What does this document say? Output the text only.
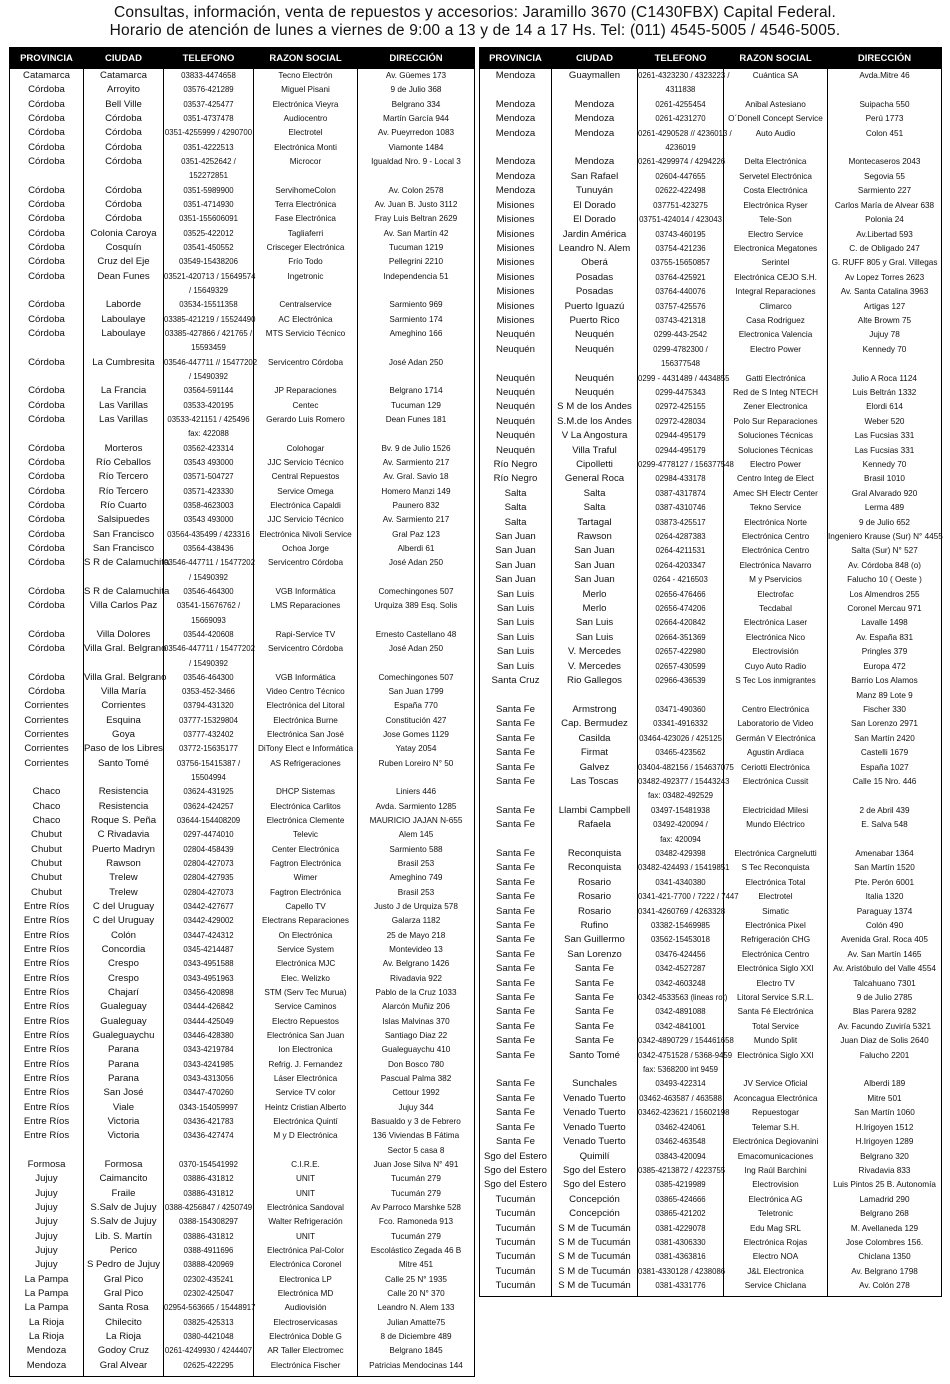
Consultas, información, venta de repuestos y accesorios: Jaramillo 3670 (C1430FBX) Capital Federal.
Horario de atención de lunes a viernes de 9:00 a 13 y de 14 a 17 Hs. Tel: (011) 4545-5005 / 4546-5005.
PROVINCIA	CIUDAD	TELEFONO	RAZON SOCIAL	DIRECCIÓN
Catamarca	Catamarca	03833-4474658	Tecno Electrón	Av. Güemes 173
Córdoba	Arroyito	03576-421289	Miguel Pisani	9 de Julio 368
Córdoba	Bell Ville	03537-425477	Electrónica Vieyra	Belgrano 334
Córdoba	Córdoba	0351-4737478	Audiocentro	Martín García 944
Córdoba	Córdoba	0351-4255999 / 4290700	Electrotel	Av. Pueyrredon 1083
Córdoba	Córdoba	0351-4222513	Electrónica Monti	Viamonte 1484
Córdoba	Córdoba	0351-4252642 /	Microcor	Igualdad Nro. 9 - Local 3
		152272851		
Córdoba	Córdoba	0351-5989900	ServihomeColon	Av. Colon 2578
Córdoba	Córdoba	0351-4714930	Terra Electrónica	Av. Juan B. Justo 3112
Córdoba	Córdoba	0351-155606091	Fase Electrónica	Fray Luis Beltran 2629
Córdoba	Colonia Caroya	03525-422012	Tagliaferri	Av. San Martín 42
Córdoba	Cosquín	03541-450552	Crisceger Electrónica	Tucuman 1219
Córdoba	Cruz del Eje	03549-15438206	Frío Todo	Pellegrini 2210
Córdoba	Dean Funes	03521-420713 / 15649574	Ingetronic	Independencia 51
		/ 15649329		
Córdoba	Laborde	03534-15511358	Centralservice	Sarmiento 969
Córdoba	Laboulaye	03385-421219 / 15524490	AC Electrónica	Sarmiento 174
Córdoba	Laboulaye	03385-427866 / 421765 /	MTS Servicio Técnico	Ameghino 166
		15593459		
Córdoba	La Cumbresita	03546-447711 // 15477202	Servicentro Córdoba	José Adan 250
		/ 15490392		
Córdoba	La Francia	03564-591144	JP Reparaciones	Belgrano 1714
Córdoba	Las Varillas	03533-420195	Centec	Tucuman 129
Córdoba	Las Varillas	03533-421151 / 425496	Gerardo Luis Romero	Dean Funes 181
		fax: 422088		
Córdoba	Morteros	03562-423314	Colohogar	Bv. 9 de Julio 1526
Córdoba	Río Ceballos	03543 493000	JJC Servicio Técnico	Av. Sarmiento 217
Córdoba	Río Tercero	03571-504727	Central Repuestos	Av. Gral. Savio 18
Córdoba	Río Tercero	03571-423330	Service Omega	Homero Manzi 149
Córdoba	Río Cuarto	0358-4623003	Electrónica Capaldi	Paunero 832
Córdoba	Salsipuedes	03543 493000	JJC Servicio Técnico	Av. Sarmiento 217
Córdoba	San Francisco	03564-435499 / 423316	Electrónica Nivoli Service	Gral Paz 123
Córdoba	San Francisco	03564-438436	Ochoa Jorge	Alberdi 61
Córdoba	S R de Calamuchita	03546-447711 / 15477202	Servicentro Córdoba	José Adan 250
		/ 15490392		
Córdoba	S R de Calamuchita	03546-464300	VGB Informática	Comechingones 507
Córdoba	Villa Carlos Paz	03541-15676762 /	LMS Reparaciones	Urquiza 389 Esq. Solis
		15669093		
Córdoba	Villa Dolores	03544-420608	Rapi-Service TV	Ernesto Castellano 48
Córdoba	Villa Gral. Belgrano	03546-447711 / 15477202	Servicentro Córdoba	José Adan 250
		/ 15490392		
Córdoba	Villa Gral. Belgrano	03546-464300	VGB Informática	Comechingones 507
Córdoba	Villa María	0353-452-3466	Video Centro Técnico	San Juan 1799
Corrientes	Corrientes	03794-431320	Electrónica del Litoral	España 770
Corrientes	Esquina	03777-15329804	Electrónica Burne	Constitución 427
Corrientes	Goya	03777-432402	Electrónica San José	Jose Gomes 1129
Corrientes	Paso de los Libres	03772-15635177	DiTony Elect e Informática	Yatay 2054
Corrientes	Santo Tomé	03756-15415387 /	AS Refrigeraciones	Ruben Loreiro N° 50
		15504994		
Chaco	Resistencia	03624-431925	DHCP Sistemas	Liniers 446
Chaco	Resistencia	03624-424257	Electrónica Carlitos	Avda. Sarmiento 1285
Chaco	Roque S. Peña	03644-154408209	Electrónica Clemente	MAURICIO JAJAN N-655
Chubut	C Rivadavia	0297-4474010	Televic	Alem 145
Chubut	Puerto Madryn	02804-458439	Center Electrónica	Sarmiento 588
Chubut	Rawson	02804-427073	Fagtron Electrónica	Brasil 253
Chubut	Trelew	02804-427935	Wimer	Ameghino 749
Chubut	Trelew	02804-427073	Fagtron Electrónica	Brasil 253
Entre Ríos	C del Uruguay	03442-427677	Capello TV	Justo J de Urquiza 578
Entre Ríos	C del Uruguay	03442-429002	Electrans Reparaciones	Galarza 1182
Entre Ríos	Colón	03447-424312	On Electrónica	25 de Mayo 218
Entre Ríos	Concordia	0345-4214487	Service System	Montevideo 13
Entre Ríos	Crespo	0343-4951588	Electrónica MJC	Av. Belgrano 1426
Entre Ríos	Crespo	0343-4951963	Elec. Welizko	Rivadavia 922
Entre Ríos	Chajarí	03456-420898	STM (Serv Tec Murua)	Pablo de la Cruz 1033
Entre Ríos	Gualeguay	03444-426842	Service Caminos	Alarcón Muñiz 206
Entre Ríos	Gualeguay	03444-425049	Electro Repuestos	Islas Malvinas 370
Entre Ríos	Gualeguaychu	03446-428380	Electrónica San Juan	Santiago Diaz 22
Entre Ríos	Parana	0343-4219784	Ion Electronica	Gualeguaychu 410
Entre Ríos	Parana	0343-4241985	Refrig. J. Fernandez	Don Bosco 780
Entre Ríos	Parana	0343-4313056	Láser Electrónica	Pascual Palma 382
Entre Ríos	San José	03447-470260	Service TV color	Cettour 1992
Entre Ríos	Viale	0343-154059997	Heintz Cristian Alberto	Jujuy 344
Entre Ríos	Victoria	03436-421783	Electrónica Quintí	Basualdo y 3 de Febrero
Entre Ríos	Victoria	03436-427474	M y D Electrónica	136 Viviendas B Fátima
				Sector 5 casa 8
Formosa	Formosa	0370-154541992	C.I.R.E.	Juan Jose Silva N° 491
Jujuy	Caimancito	03886-431812	UNIT	Tucumán 279
Jujuy	Fraile	03886-431812	UNIT	Tucumán 279
Jujuy	S.Salv de Jujuy	0388-4256847 / 4250749	Electrónica Sandoval	Av Parroco Marshke 528
Jujuy	S.Salv de Jujuy	0388-154308297	Walter Refrigeración	Fco. Ramoneda 913
Jujuy	Lib. S. Martín	03886-431812	UNIT	Tucumán 279
Jujuy	Perico	0388-4911696	Electrónica Pal-Color	Escolástico Zegada 46 B
Jujuy	S Pedro de Jujuy	03888-420969	Electrónica Coronel	Mitre 451
La Pampa	Gral Pico	02302-435241	Electronica LP	Calle 25 N° 1935
La Pampa	Gral Pico	02302-425047	Electrónica MD	Calle 20 N° 370
La Pampa	Santa Rosa	02954-563665 / 15448917	Audiovisión	Leandro N. Alem 133
La Rioja	Chilecito	03825-425313	Electroservicasas	Julian Amatte75
La Rioja	La Rioja	0380-4421048	Electrónica Doble G	8 de Diciembre 489
Mendoza	Godoy Cruz	0261-4249930 / 4244407	AR Taller Electromec	Belgrano 1845
Mendoza	Gral Alvear	02625-422295	Electrónica Fischer	Patricias Mendocinas 144

PROVINCIA	CIUDAD	TELEFONO	RAZON SOCIAL	DIRECCIÓN
Mendoza	Guaymallen	0261-4323230 / 4323223 /	Cuántica SA	Avda.Mitre 46
		4311838		
Mendoza	Mendoza	0261-4255454	Anibal Astesiano	Suipacha 550
Mendoza	Mendoza	0261-4231270	O´Donell Concept Service	Perú 1773
Mendoza	Mendoza	0261-4290528 // 4236013 /	Auto Audio	Colon 451
		4236019		
Mendoza	Mendoza	0261-4299974 / 4294226	Delta Electrónica	Montecaseros 2043
Mendoza	San Rafael	02604-447655	Servetel Electrónica	Segovia 55
Mendoza	Tunuyán	02622-422498	Costa Electrónica	Sarmiento 227
Misiones	El Dorado	037751-423275	Electrónica Ryser	Carlos María de Alvear 638
Misiones	El Dorado	03751-424014 / 423043	Tele-Son	Polonia 24
Misiones	Jardin América	03743-460195	Electro Service	Av.Libertad 593
Misiones	Leandro N. Alem	03754-421236	Electronica Megatones	C. de Obligado 247
Misiones	Oberá	03755-15650857	Serintel	G. RUFF 805 y Gral. Villegas
Misiones	Posadas	03764-425921	Electrónica CEJO S.H.	Av Lopez Torres 2623
Misiones	Posadas	03764-440076	Integral Reparaciones	Av. Santa Catalina 3963
Misiones	Puerto Iguazú	03757-425576	Climarco	Artigas 127
Misiones	Puerto Rico	03743-421318	Casa Rodriguez	Alte Browm 75
Neuquén	Neuquén	0299-443-2542	Electronica Valencia	Jujuy 78
Neuquén	Neuquén	0299-4782300 /	Electro Power	Kennedy 70
		156377548		
Neuquén	Neuquén	0299 - 4431489 / 4434855	Gatti Electrónica	Julio A Roca 1124
Neuquén	Neuquén	0299-4475343	Red de S Integ NTECH	Luis Beltrán 1332
Neuquén	S M de los Andes	02972-425155	Zener Electronica	Elordi 614
Neuquén	S.M.de los Andes	02972-428034	Polo Sur Reparaciones	Weber 520
Neuquén	V La Angostura	02944-495179	Soluciones Técnicas	Las Fucsias 331
Neuquén	Villa Traful	02944-495179	Soluciones Técnicas	Las Fucsias 331
Río Negro	Cipolletti	0299-4778127 / 156377548	Electro Power	Kennedy 70
Río Negro	General Roca	02984-433178	Centro Integ de Elect	Brasil 1010
Salta	Salta	0387-4317874	Amec SH Electr Center	Gral Alvarado 920
Salta	Salta	0387-4310746	Tekno Service	Lerma 489
Salta	Tartagal	03873-425517	Electrónica Norte	9 de Julio 652
San Juan	Rawson	0264-4287383	Electrónica Centro	Ingeniero Krause (Sur) N° 4455
San Juan	San Juan	0264-4211531	Electrónica Centro	Salta (Sur) N° 527
San Juan	San Juan	0264-4203347	Electrónica Navarro	Av. Córdoba 848 (o)
San Juan	San Juan	0264 - 4216503	M y Pservicios	Falucho 10 ( Oeste )
San Luis	Merlo	02656-476466	Electrofac	Los Almendros 255
San Luis	Merlo	02656-474206	Tecdabal	Coronel Mercau 971
San Luis	San Luis	02664-420842	Electrónica Laser	Lavalle 1498
San Luis	San Luis	02664-351369	Electrónica Nico	Av. España 831
San Luis	V. Mercedes	02657-422980	Electrovisión	Pringles 379
San Luis	V. Mercedes	02657-430599	Cuyo Auto Radio	Europa 472
Santa Cruz	Rio Gallegos	02966-436539	S Tec Los inmigrantes	Barrio Los Alamos
				Manz 89 Lote 9
Santa Fe	Armstrong	03471-490360	Centro Electrónica	Fischer 330
Santa Fe	Cap. Bermudez	03341-4916332	Laboratorio de Video	San Lorenzo 2971
Santa Fe	Casilda	03464-423026 / 425125	Germán V Electrónica	San Martín 2420
Santa Fe	Firmat	03465-423562	Agustin Ardiaca	Castelli 1679
Santa Fe	Galvez	03404-482156 / 154637075	Ceriotti Electrónica	España 1027
Santa Fe	Las Toscas	03482-492377 / 15443243	Electrónica Cussit	Calle 15 Nro. 446
		fax: 03482-492529		
Santa Fe	Llambi Campbell	03497-15481938	Electricidad Milesi	2 de Abril 439
Santa Fe	Rafaela	03492-420094 /	Mundo Eléctrico	E. Salva 548
		fax: 420094		
Santa Fe	Reconquista	03482-429398	Electrónica Cargnelutti	Amenabar 1364
Santa Fe	Reconquista	03482-424493 / 15419851	S Tec Reconquista	San Martín 1520
Santa Fe	Rosario	0341-4340380	Electrónica Total	Pte. Perón 6001
Santa Fe	Rosario	0341-421-7700 / 7222 / 7447	Electrotel	Italia 1320
Santa Fe	Rosario	0341-4260769 / 4263328	Simatic	Paraguay 1374
Santa Fe	Rufino	03382-15469985	Electrónica Pixel	Colón 490
Santa Fe	San Guillermo	03562-15453018	Refrigeración CHG	Avenida Gral. Roca 405
Santa Fe	San Lorenzo	03476-424456	Electrónica Centro	Av. San Martín 1465
Santa Fe	Santa Fe	0342-4527287	Electrónica Siglo XXI	Av. Aristóbulo del Valle 4554
Santa Fe	Santa Fe	0342-4603248	Electro TV	Talcahuano 7301
Santa Fe	Santa Fe	0342-4533563 (lineas rot)	Litoral Service S.R.L.	9 de Julio 2785
Santa Fe	Santa Fe	0342-4891088	Santa Fé Electrónica	Blas Parera 9282
Santa Fe	Santa Fe	0342-4841001	Total Service	Av. Facundo Zuviría 5321
Santa Fe	Santa Fe	0342-4890729 / 154461658	Mundo Split	Juan Diaz de Solis 2640
Santa Fe	Santo Tomé	0342-4751528 / 5368-9459	Electrónica Siglo XXI	Falucho 2201
		fax: 5368200 int 9459		
Santa Fe	Sunchales	03493-422314	JV Service Oficial	Alberdi 189
Santa Fe	Venado Tuerto	03462-463587 / 463588	Aconcagua Electrónica	Mitre 501
Santa Fe	Venado Tuerto	03462-423621 / 15602198	Repuestogar	San Martín 1060
Santa Fe	Venado Tuerto	03462-424061	Telemar S.H.	H.Irigoyen 1512
Santa Fe	Venado Tuerto	03462-463548	Electrónica Degiovanini	H.Irigoyen 1289
Sgo del Estero	Quimilí	03843-420094	Emacomunicaciones	Belgrano 320
Sgo del Estero	Sgo del Estero	0385-4213872 / 4223755	Ing Raúl Barchini	Rivadavia 833
Sgo del Estero	Sgo del Estero	0385-4219989	Electrovision	Luis Pintos 25 B. Autonomía
Tucumán	Concepción	03865-424666	Electrónica AG	Lamadrid 290
Tucumán	Concepción	03865-421202	Teletronic	Belgrano 268
Tucumán	S M de Tucumán	0381-4229078	Edu Mag SRL	M. Avellaneda 129
Tucumán	S M de Tucumán	0381-4306330	Electrónica Rojas	Jose Colombres 156.
Tucumán	S M de Tucumán	0381-4363816	Electro NOA	Chiclana 1350
Tucumán	S M de Tucumán	0381-4330128 / 4238086	J&L Electronica	Av. Belgrano 1798
Tucumán	S M de Tucumán	0381-4331776	Service Chiclana	Av. Colón 278
